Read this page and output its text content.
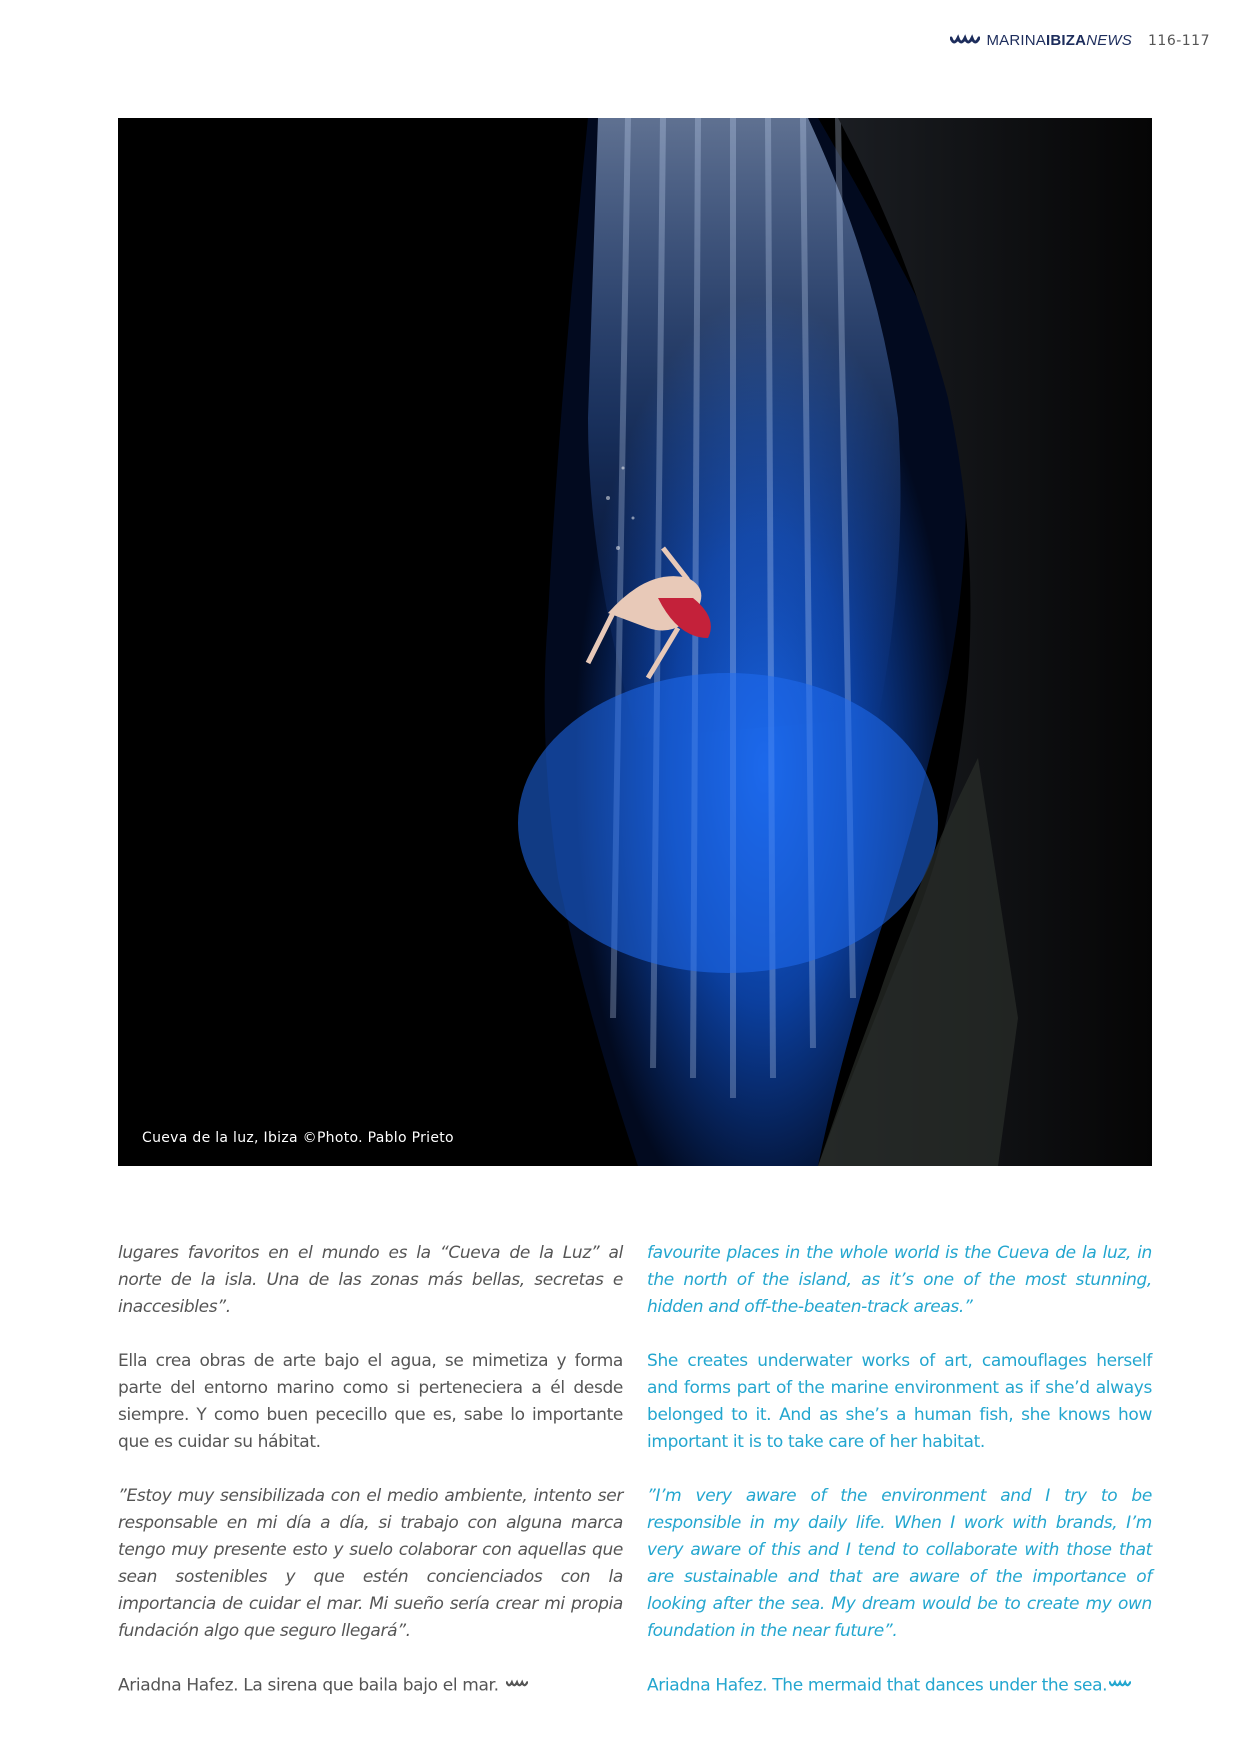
MARINAIBIZANEWS 116-117
Cueva de la luz, Ibiza ©Photo. Pablo Prieto

lugares favoritos en el mundo es la “Cueva de la Luz” al norte de la isla. Una de las zonas más bellas, secretas e inaccesibles”.

Ella crea obras de arte bajo el agua, se mimetiza y forma parte del entorno marino como si perteneciera a él desde siempre. Y como buen pececillo que es, sabe lo importante que es cuidar su hábitat.

”Estoy muy sensibilizada con el medio ambiente, intento ser responsable en mi día a día, si trabajo con alguna marca tengo muy presente esto y suelo colaborar con aquellas que sean sostenibles y que estén concienciados con la importancia de cuidar el mar. Mi sueño sería crear mi propia fundación algo que seguro llegará”.

Ariadna Hafez. La sirena que baila bajo el mar.

favourite places in the whole world is the Cueva de la luz, in the north of the island, as it’s one of the most stunning, hidden and off-the-beaten-track areas.”

She creates underwater works of art, camouflages herself and forms part of the marine environment as if she’d always belonged to it. And as she’s a human fish, she knows how important it is to take care of her habitat.

”I’m very aware of the environment and I try to be responsible in my daily life. When I work with brands, I’m very aware of this and I tend to collaborate with those that are sustainable and that are aware of the importance of looking after the sea. My dream would be to create my own foundation in the near future”.

Ariadna Hafez. The mermaid that dances under the sea.
